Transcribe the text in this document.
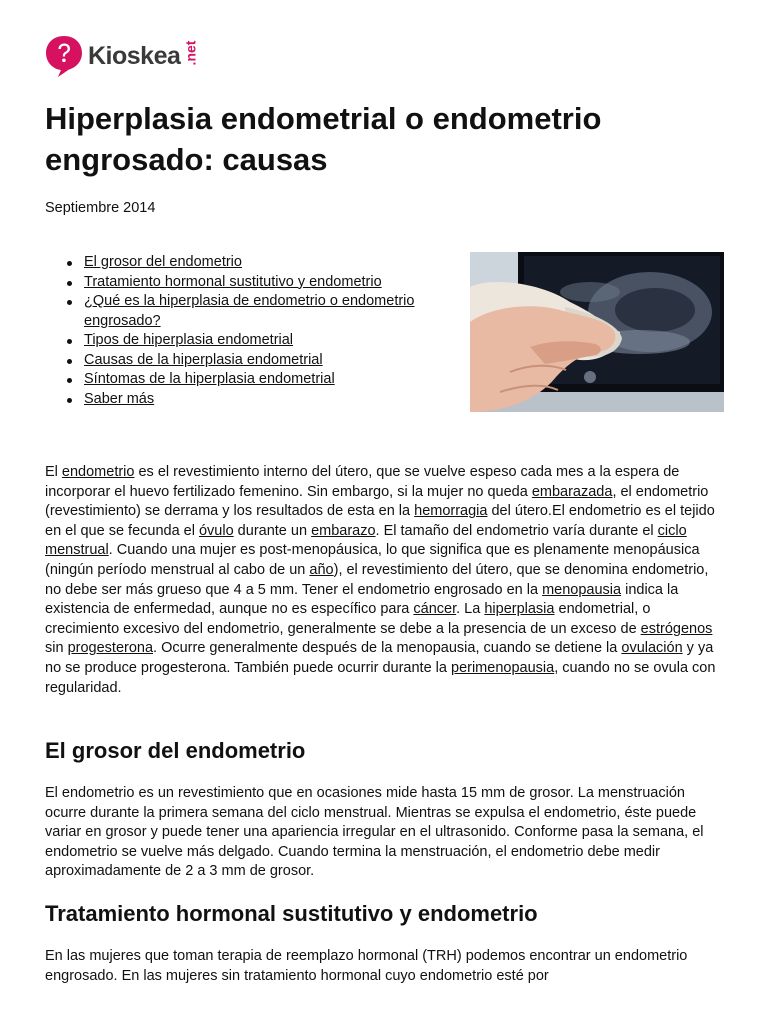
Kioskea .net
Hiperplasia endometrial o endometrio engrosado: causas
Septiembre 2014
El grosor del endometrio
Tratamiento hormonal sustitutivo y endometrio
¿Qué es la hiperplasia de endometrio o endometrio engrosado?
Tipos de hiperplasia endometrial
Causas de la hiperplasia endometrial
Síntomas de la hiperplasia endometrial
Saber más

El endometrio es el revestimiento interno del útero, que se vuelve espeso cada mes a la espera de incorporar el huevo fertilizado femenino. Sin embargo, si la mujer no queda embarazada, el endometrio (revestimiento) se derrama y los resultados de esta en la hemorragia del útero.El endometrio es el tejido en el que se fecunda el óvulo durante un embarazo. El tamaño del endometrio varía durante el ciclo menstrual. Cuando una mujer es post-menopáusica, lo que significa que es plenamente menopáusica (ningún período menstrual al cabo de un año), el revestimiento del útero, que se denomina endometrio, no debe ser más grueso que 4 a 5 mm. Tener el endometrio engrosado en la menopausia indica la existencia de enfermedad, aunque no es específico para cáncer. La hiperplasia endometrial, o crecimiento excesivo del endometrio, generalmente se debe a la presencia de un exceso de estrógenos sin progesterona. Ocurre generalmente después de la menopausia, cuando se detiene la ovulación y ya no se produce progesterona. También puede ocurrir durante la perimenopausia, cuando no se ovula con regularidad.

El grosor del endometrio

El endometrio es un revestimiento que en ocasiones mide hasta 15 mm de grosor. La menstruación ocurre durante la primera semana del ciclo menstrual. Mientras se expulsa el endometrio, éste puede variar en grosor y puede tener una apariencia irregular en el ultrasonido. Conforme pasa la semana, el endometrio se vuelve más delgado. Cuando termina la menstruación, el endometrio debe medir aproximadamente de 2 a 3 mm de grosor.

Tratamiento hormonal sustitutivo y endometrio

En las mujeres que toman terapia de reemplazo hormonal (TRH) podemos encontrar un endometrio engrosado. En las mujeres sin tratamiento hormonal cuyo endometrio esté por
